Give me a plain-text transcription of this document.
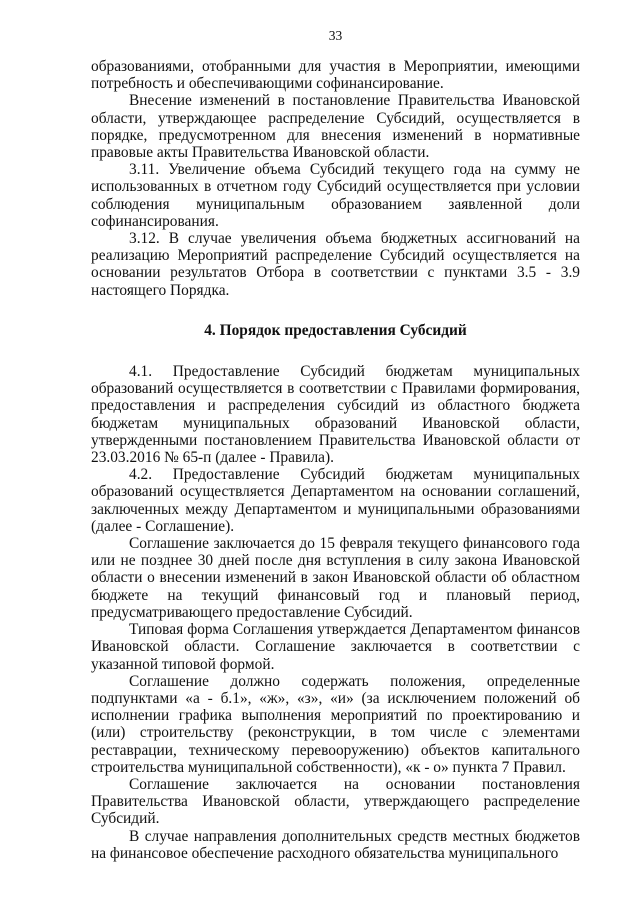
33

образованиями, отобранными для участия в Мероприятии, имеющими потребность и обеспечивающими софинансирование.

Внесение изменений в постановление Правительства Ивановской области, утверждающее распределение Субсидий, осуществляется в порядке, предусмотренном для внесения изменений в нормативные правовые акты Правительства Ивановской области.

3.11. Увеличение объема Субсидий текущего года на сумму не использованных в отчетном году Субсидий осуществляется при условии соблюдения муниципальным образованием заявленной доли софинансирования.

3.12. В случае увеличения объема бюджетных ассигнований на реализацию Мероприятий распределение Субсидий осуществляется на основании результатов Отбора в соответствии с пунктами 3.5 - 3.9 настоящего Порядка.

4. Порядок предоставления Субсидий

4.1. Предоставление Субсидий бюджетам муниципальных образований осуществляется в соответствии с Правилами формирования, предоставления и распределения субсидий из областного бюджета бюджетам муниципальных образований Ивановской области, утвержденными постановлением Правительства Ивановской области от 23.03.2016 № 65-п (далее - Правила).

4.2. Предоставление Субсидий бюджетам муниципальных образований осуществляется Департаментом на основании соглашений, заключенных между Департаментом и муниципальными образованиями (далее - Соглашение).

Соглашение заключается до 15 февраля текущего финансового года или не позднее 30 дней после дня вступления в силу закона Ивановской области о внесении изменений в закон Ивановской области об областном бюджете на текущий финансовый год и плановый период, предусматривающего предоставление Субсидий.

Типовая форма Соглашения утверждается Департаментом финансов Ивановской области. Соглашение заключается в соответствии с указанной типовой формой.

Соглашение должно содержать положения, определенные подпунктами «а - б.1», «ж», «з», «и» (за исключением положений об исполнении графика выполнения мероприятий по проектированию и (или) строительству (реконструкции, в том числе с элементами реставрации, техническому перевооружению) объектов капитального строительства муниципальной собственности), «к - о» пункта 7 Правил.

Соглашение заключается на основании постановления Правительства Ивановской области, утверждающего распределение Субсидий.

В случае направления дополнительных средств местных бюджетов на финансовое обеспечение расходного обязательства муниципального
